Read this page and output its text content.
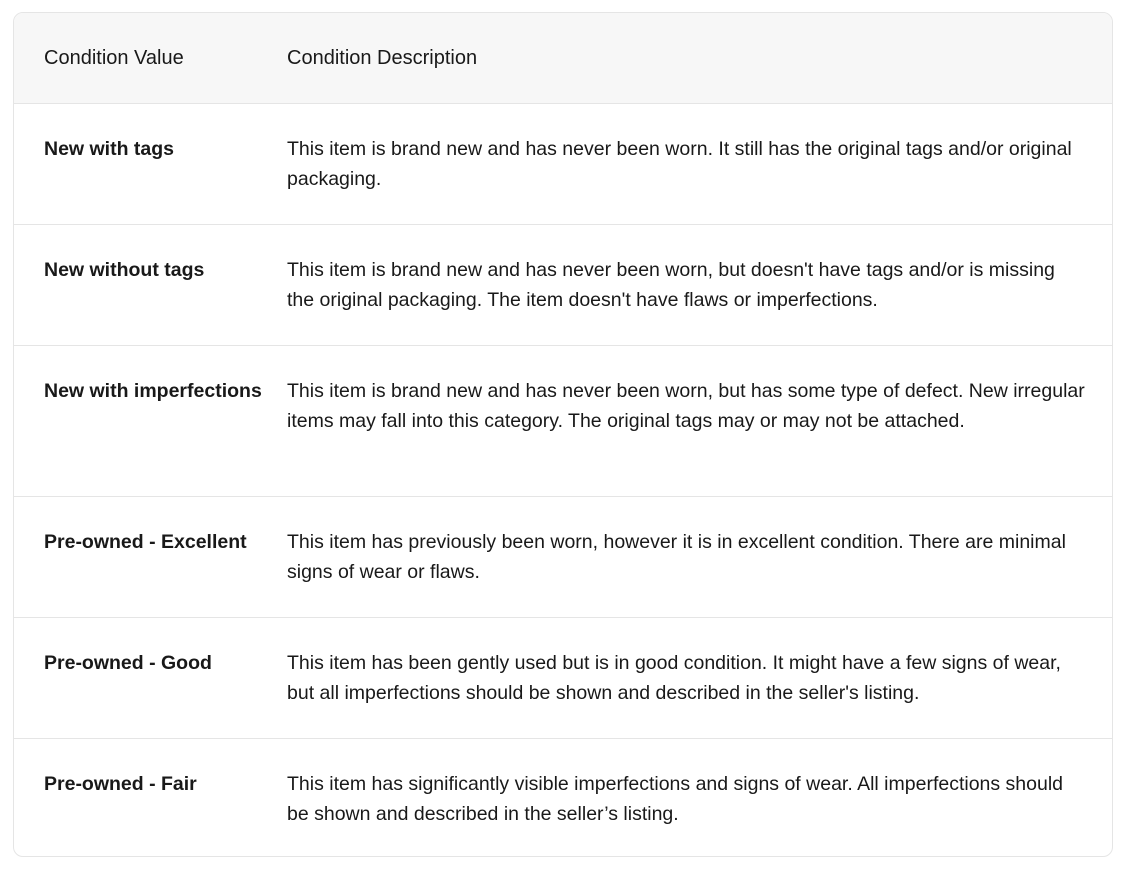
Condition Value	Condition Description
New with tags	This item is brand new and has never been worn. It still has the original tags and/or original packaging.
New without tags	This item is brand new and has never been worn, but doesn't have tags and/or is missing the original packaging. The item doesn't have flaws or imperfections.
New with imperfections	This item is brand new and has never been worn, but has some type of defect. New irregular items may fall into this category. The original tags may or may not be attached.
Pre-owned - Excellent	This item has previously been worn, however it is in excellent condition. There are minimal signs of wear or flaws.
Pre-owned - Good	This item has been gently used but is in good condition. It might have a few signs of wear, but all imperfections should be shown and described in the seller's listing.
Pre-owned - Fair	This item has significantly visible imperfections and signs of wear. All imperfections should be shown and described in the seller’s listing.
